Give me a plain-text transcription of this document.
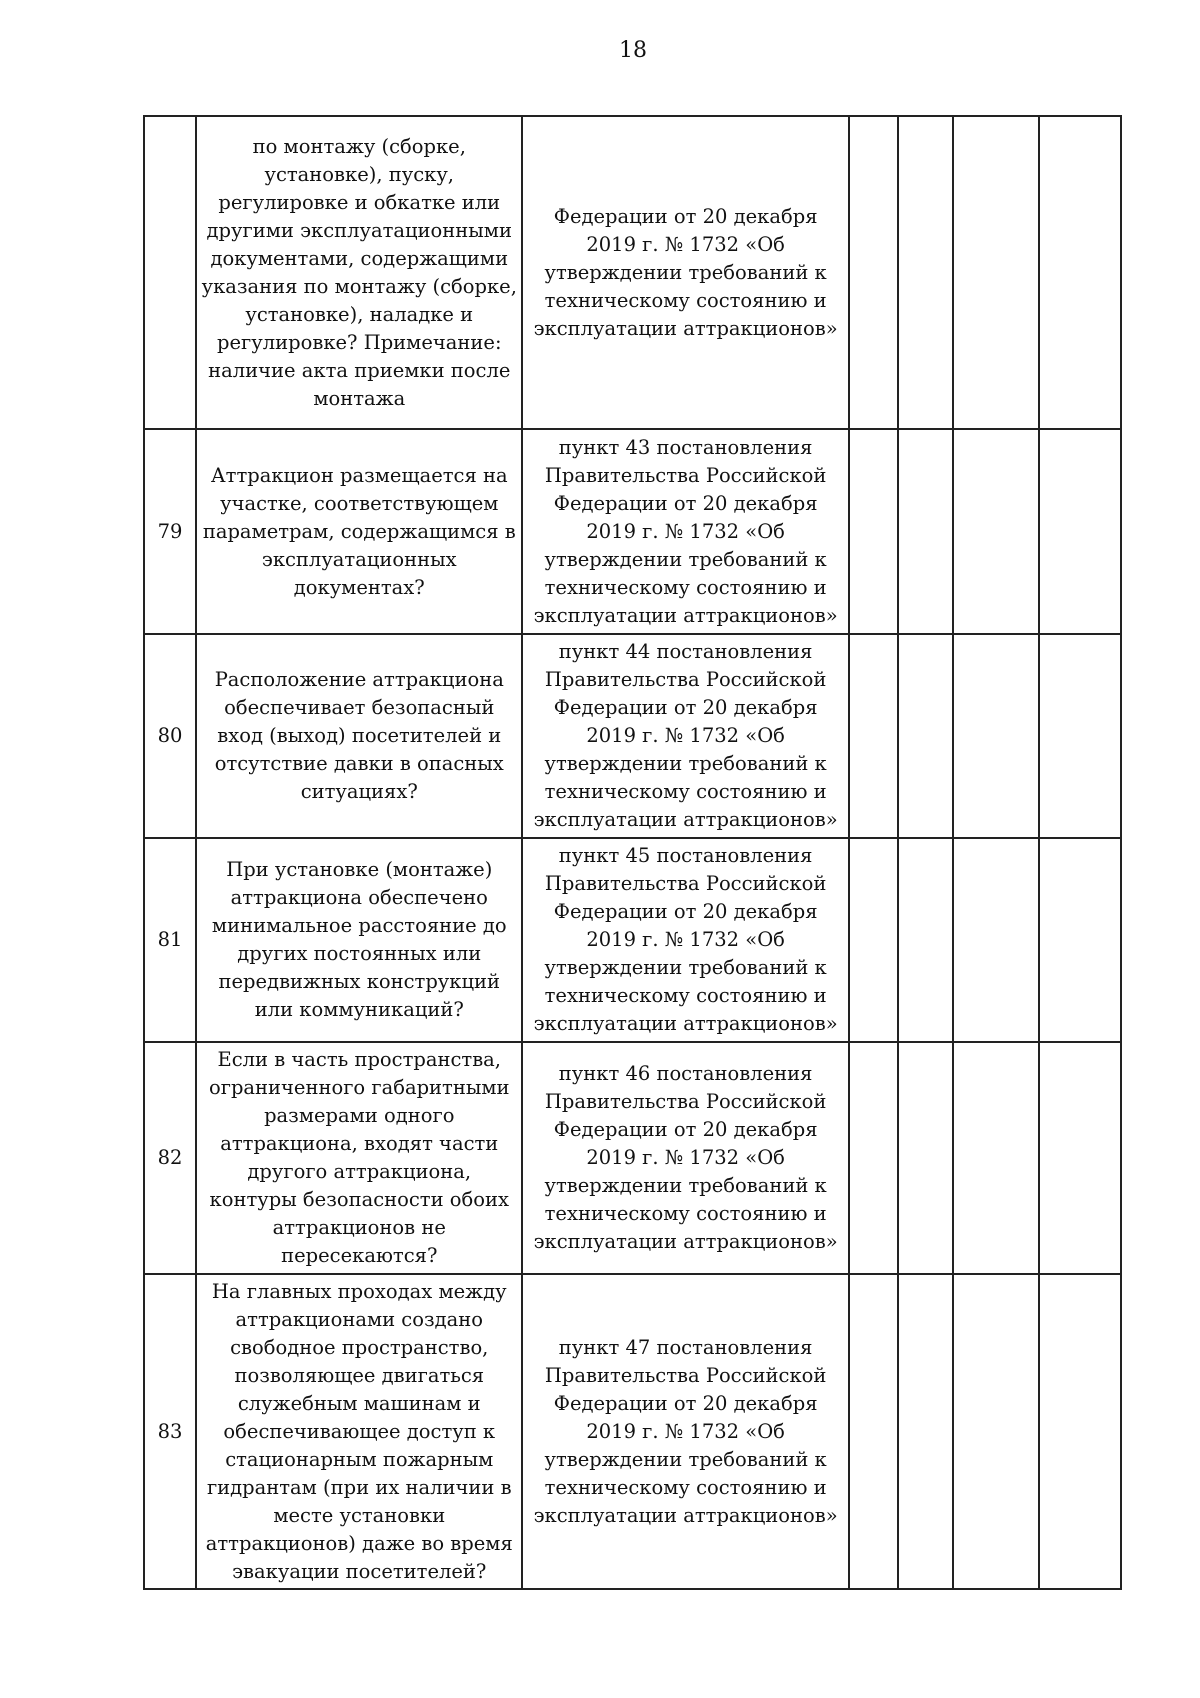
18
	по монтажу (сборке, установке), пуску, регулировке и обкатке или другими эксплуатационными документами, содержащими указания по монтажу (сборке, установке), наладке и регулировке? Примечание: наличие акта приемки после монтажа	Федерации от 20 декабря 2019 г. № 1732 «Об утверждении требований к техническому состоянию и эксплуатации аттракционов»				
79	Аттракцион размещается на участке, соответствующем параметрам, содержащимся в эксплуатационных документах?	пункт 43 постановления Правительства Российской Федерации от 20 декабря 2019 г. № 1732 «Об утверждении требований к техническому состоянию и эксплуатации аттракционов»				
80	Расположение аттракциона обеспечивает безопасный вход (выход) посетителей и отсутствие давки в опасных ситуациях?	пункт 44 постановления Правительства Российской Федерации от 20 декабря 2019 г. № 1732 «Об утверждении требований к техническому состоянию и эксплуатации аттракционов»				
81	При установке (монтаже) аттракциона обеспечено минимальное расстояние до других постоянных или передвижных конструкций или коммуникаций?	пункт 45 постановления Правительства Российской Федерации от 20 декабря 2019 г. № 1732 «Об утверждении требований к техническому состоянию и эксплуатации аттракционов»				
82	Если в часть пространства, ограниченного габаритными размерами одного аттракциона, входят части другого аттракциона, контуры безопасности обоих аттракционов не пересекаются?	пункт 46 постановления Правительства Российской Федерации от 20 декабря 2019 г. № 1732 «Об утверждении требований к техническому состоянию и эксплуатации аттракционов»				
83	На главных проходах между аттракционами создано свободное пространство, позволяющее двигаться служебным машинам и обеспечивающее доступ к стационарным пожарным гидрантам (при их наличии в месте установки аттракционов) даже во время эвакуации посетителей?	пункт 47 постановления Правительства Российской Федерации от 20 декабря 2019 г. № 1732 «Об утверждении требований к техническому состоянию и эксплуатации аттракционов»				
